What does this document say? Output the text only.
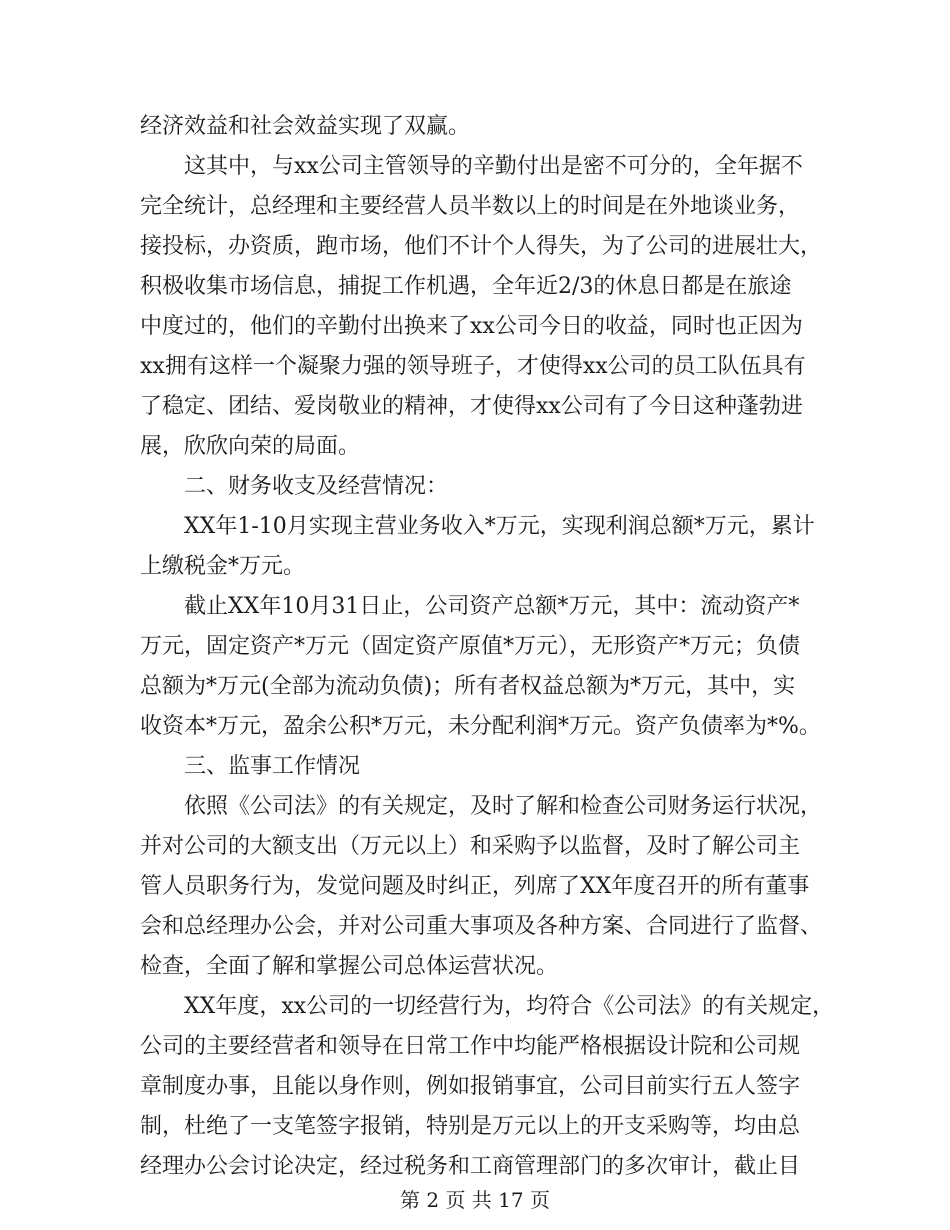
经济效益和社会效益实现了双赢。
这其中，与xx公司主管领导的辛勤付出是密不可分的，全年据不
完全统计，总经理和主要经营人员半数以上的时间是在外地谈业务，
接投标，办资质，跑市场，他们不计个人得失，为了公司的进展壮大，
积极收集市场信息，捕捉工作机遇，全年近2/3的休息日都是在旅途
中度过的，他们的辛勤付出换来了xx公司今日的收益，同时也正因为
xx拥有这样一个凝聚力强的领导班子，才使得xx公司的员工队伍具有
了稳定、团结、爱岗敬业的精神，才使得xx公司有了今日这种蓬勃进
展，欣欣向荣的局面。
二、财务收支及经营情况：
XX年1-10月实现主营业务收入*万元，实现利润总额*万元，累计
上缴税金*万元。
截止XX年10月31日止，公司资产总额*万元，其中：流动资产*
万元，固定资产*万元（固定资产原值*万元），无形资产*万元；负债
总额为*万元(全部为流动负债)；所有者权益总额为*万元，其中，实
收资本*万元，盈余公积*万元，未分配利润*万元。资产负债率为*%。
三、监事工作情况
依照《公司法》的有关规定，及时了解和检查公司财务运行状况，
并对公司的大额支出（万元以上）和采购予以监督，及时了解公司主
管人员职务行为，发觉问题及时纠正，列席了XX年度召开的所有董事
会和总经理办公会，并对公司重大事项及各种方案、合同进行了监督、
检查，全面了解和掌握公司总体运营状况。
XX年度，xx公司的一切经营行为，均符合《公司法》的有关规定，
公司的主要经营者和领导在日常工作中均能严格根据设计院和公司规
章制度办事，且能以身作则，例如报销事宜，公司目前实行五人签字
制，杜绝了一支笔签字报销，特别是万元以上的开支采购等，均由总
经理办公会讨论决定，经过税务和工商管理部门的多次审计，截止目
第 2 页 共 17 页
